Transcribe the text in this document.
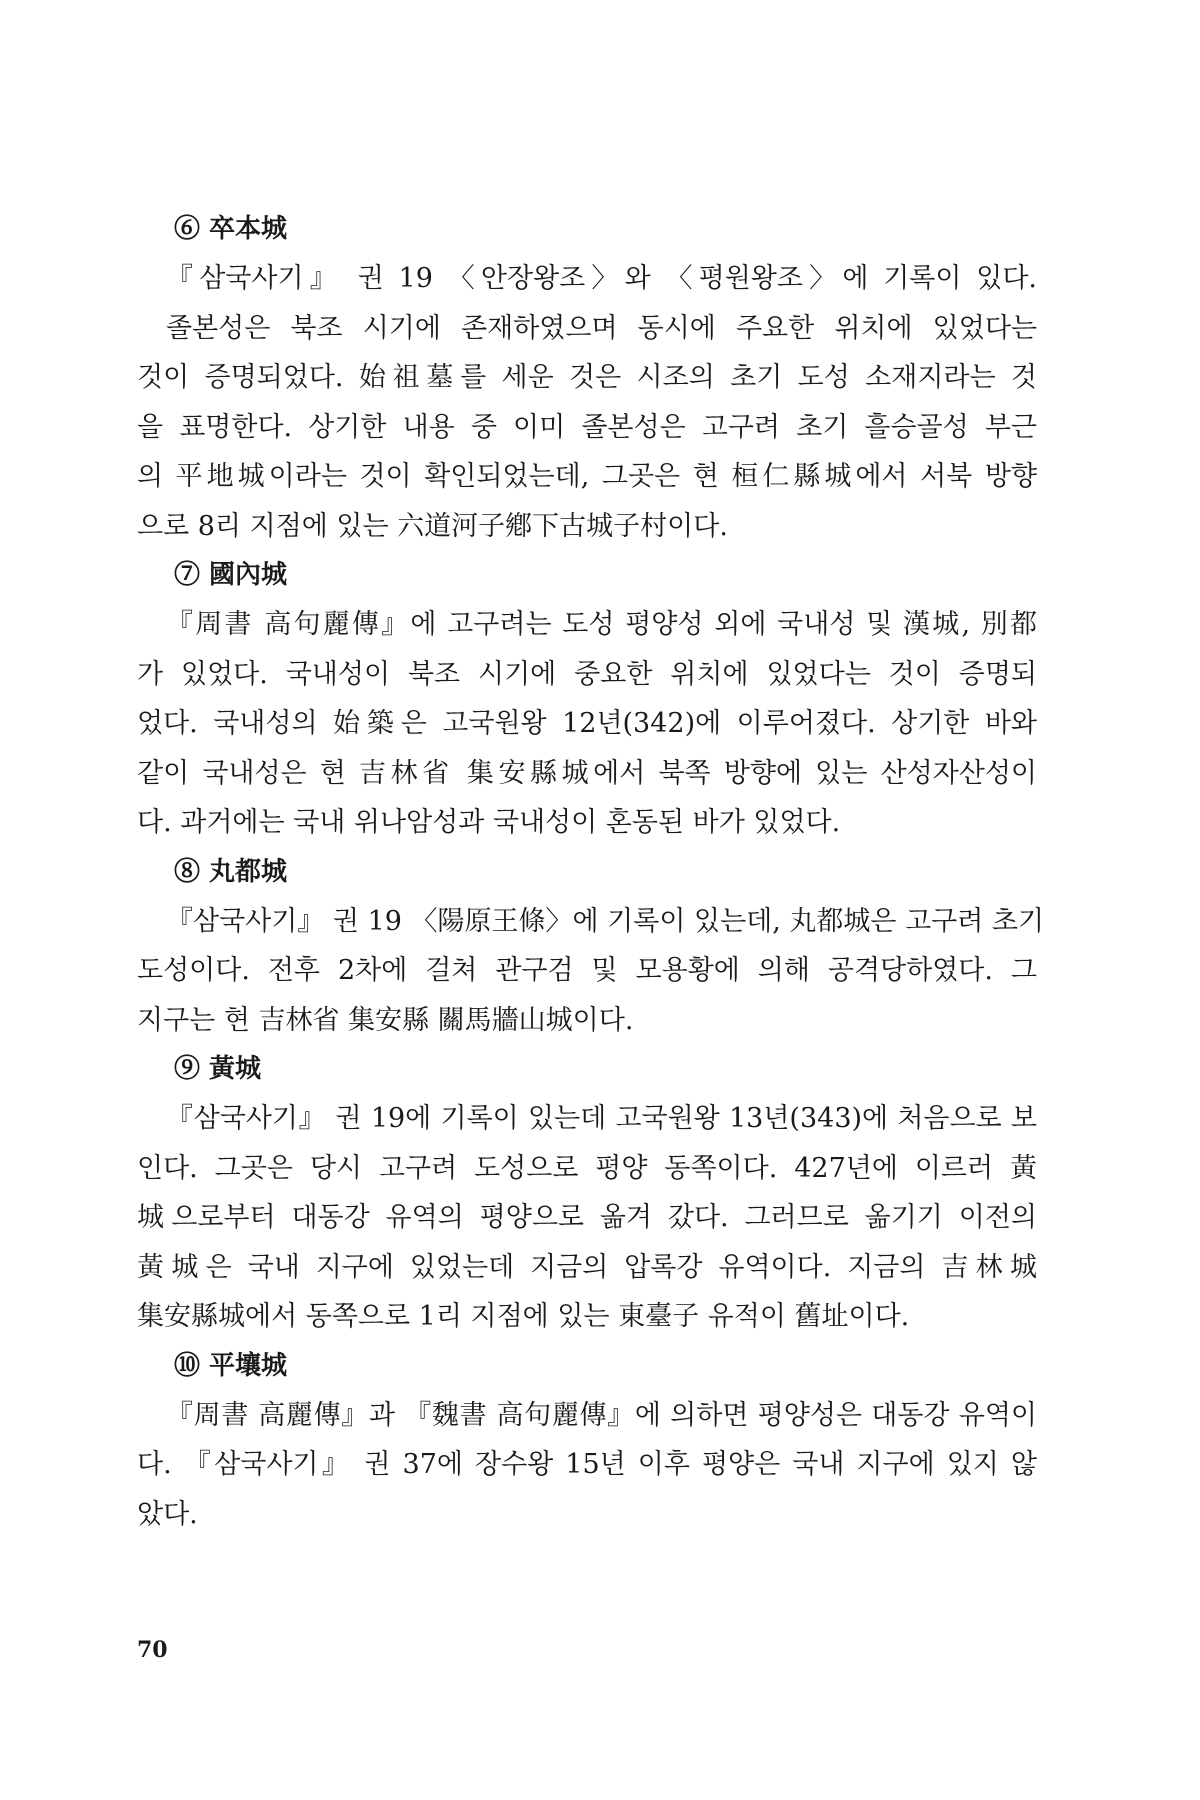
⑥ 卒本城
『삼국사기』 권 19 〈안장왕조〉와 〈평원왕조〉에 기록이 있다.
졸본성은 북조 시기에 존재하였으며 동시에 주요한 위치에 있었다는
것이 증명되었다. 始祖墓를 세운 것은 시조의 초기 도성 소재지라는 것
을 표명한다. 상기한 내용 중 이미 졸본성은 고구려 초기 흘승골성 부근
의 平地城이라는 것이 확인되었는데, 그곳은 현 桓仁縣城에서 서북 방향
으로 8리 지점에 있는 六道河子鄕下古城子村이다.
⑦ 國內城
『周書 高句麗傳』에 고구려는 도성 평양성 외에 국내성 및 漢城, 別都
가 있었다. 국내성이 북조 시기에 중요한 위치에 있었다는 것이 증명되
었다. 국내성의 始築은 고국원왕 12년(342)에 이루어졌다. 상기한 바와
같이 국내성은 현 吉林省 集安縣城에서 북쪽 방향에 있는 산성자산성이
다. 과거에는 국내 위나암성과 국내성이 혼동된 바가 있었다.
⑧ 丸都城
『삼국사기』 권 19 〈陽原王條〉에 기록이 있는데, 丸都城은 고구려 초기
도성이다. 전후 2차에 걸쳐 관구검 및 모용황에 의해 공격당하였다. 그
지구는 현 吉林省 集安縣 關馬牆山城이다.
⑨ 黃城
『삼국사기』 권 19에 기록이 있는데 고국원왕 13년(343)에 처음으로 보
인다. 그곳은 당시 고구려 도성으로 평양 동쪽이다. 427년에 이르러 黃
城으로부터 대동강 유역의 평양으로 옮겨 갔다. 그러므로 옮기기 이전의
黃城은 국내 지구에 있었는데 지금의 압록강 유역이다. 지금의 吉林城
集安縣城에서 동쪽으로 1리 지점에 있는 東臺子 유적이 舊址이다.
⑩ 平壤城
『周書 高麗傳』과 『魏書 高句麗傳』에 의하면 평양성은 대동강 유역이
다. 『삼국사기』 권 37에 장수왕 15년 이후 평양은 국내 지구에 있지 않
았다.
70
